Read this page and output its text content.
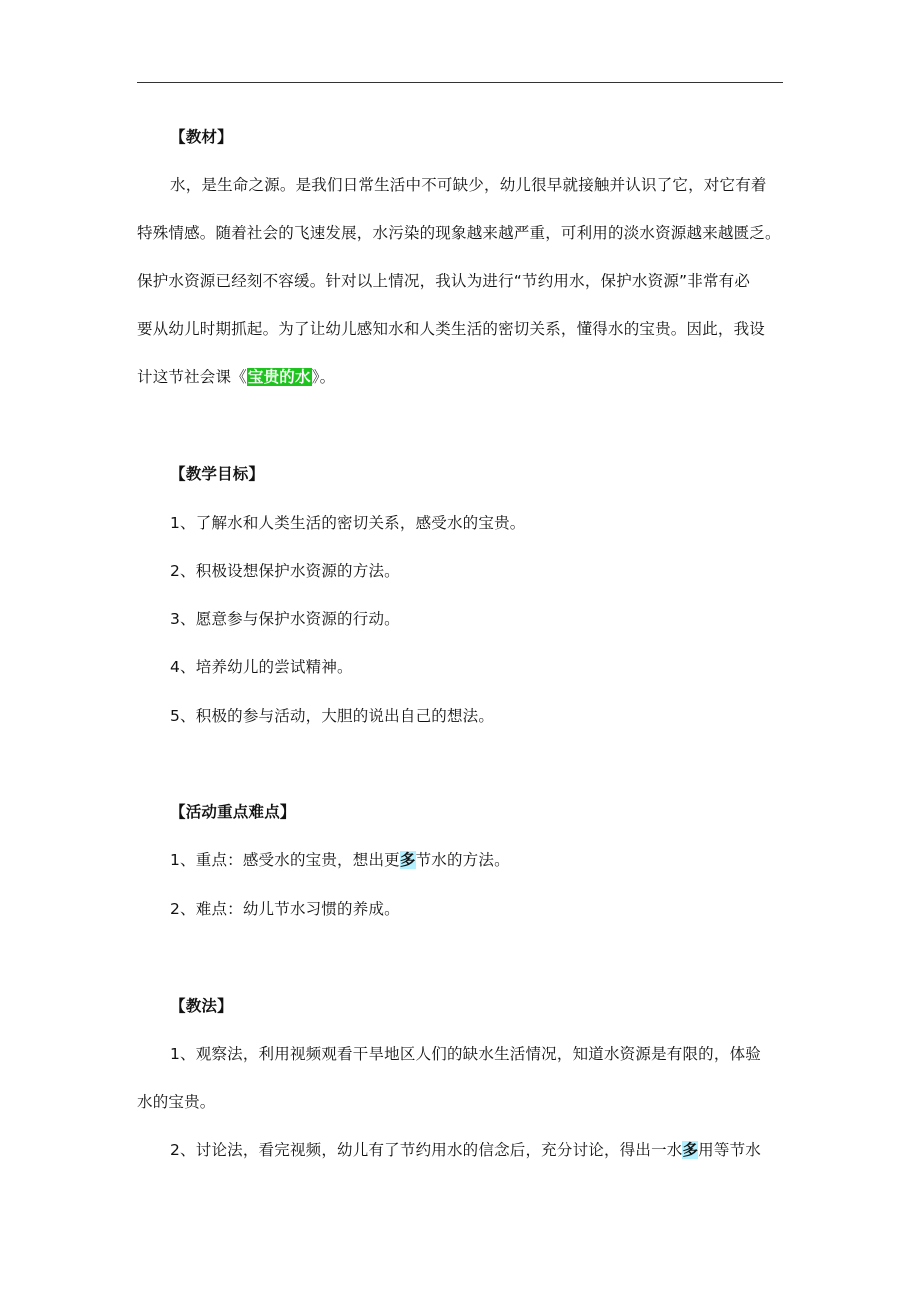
【教材】
水，是生命之源。是我们日常生活中不可缺少，幼儿很早就接触并认识了它，对它有着
特殊情感。随着社会的飞速发展，水污染的现象越来越严重，可利用的淡水资源越来越匮乏。
保护水资源已经刻不容缓。针对以上情况，我认为进行“节约用水，保护水资源”非常有必
要从幼儿时期抓起。为了让幼儿感知水和人类生活的密切关系，懂得水的宝贵。因此，我设
计这节社会课《宝贵的水》。
【教学目标】
1、了解水和人类生活的密切关系，感受水的宝贵。
2、积极设想保护水资源的方法。
3、愿意参与保护水资源的行动。
4、培养幼儿的尝试精神。
5、积极的参与活动，大胆的说出自己的想法。
【活动重点难点】
1、重点：感受水的宝贵，想出更多节水的方法。
2、难点：幼儿节水习惯的养成。
【教法】
1、观察法，利用视频观看干旱地区人们的缺水生活情况，知道水资源是有限的，体验
水的宝贵。
2、讨论法，看完视频，幼儿有了节约用水的信念后，充分讨论，得出一水多用等节水
